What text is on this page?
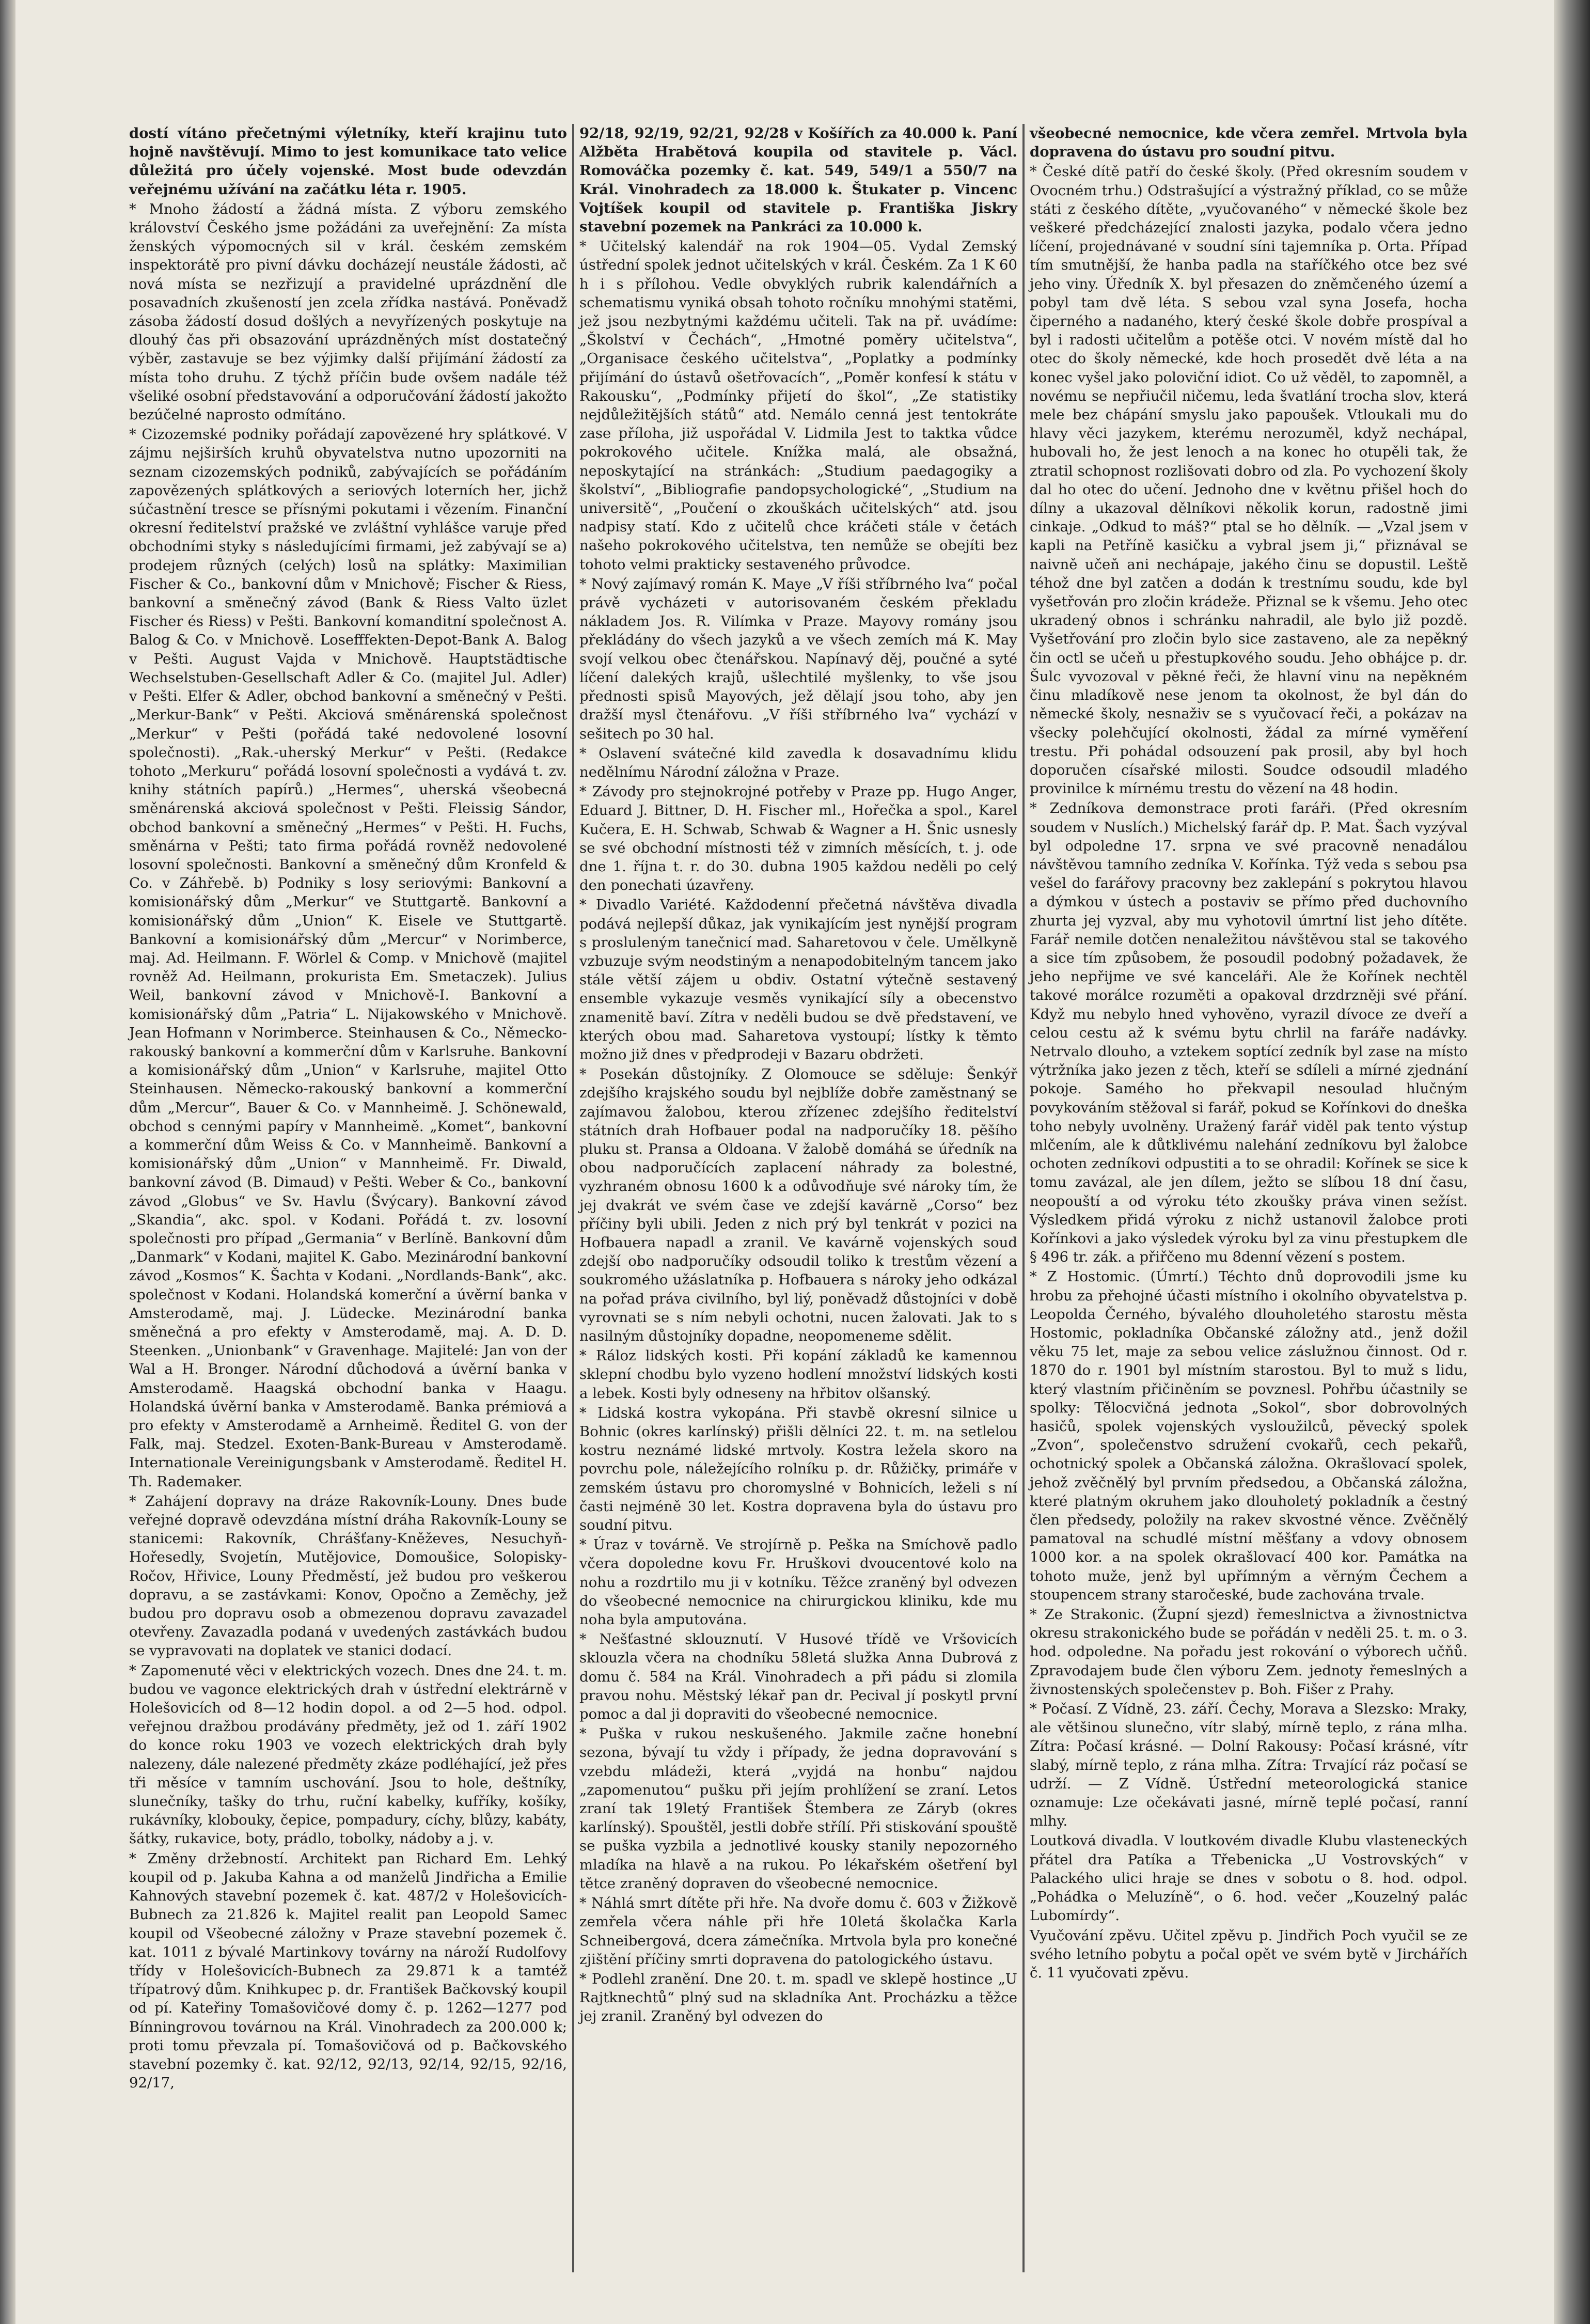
dostí vítáno přečetnými výletníky, kteří krajinu tuto hojně navštěvují. Mimo to jest komunikace tato velice důležitá pro účely vojenské. Most bude odevzdán veřejnému užívání na začátku léta r. 1905.

* Mnoho žádostí a žádná místa. Z výboru zemského království Českého jsme požádáni za uveřejnění: Za místa ženských výpomocných sil v král. českém zemském inspektorátě pro pivní dávku docházejí neustále žádosti, ač nová místa se nezřizují a pravidelné uprázdnění dle posavadních zkušeností jen zcela zřídka nastává. Poněvadž zásoba žádostí dosud došlých a nevyřízených poskytuje na dlouhý čas při obsazování uprázdněných míst dostatečný výběr, zastavuje se bez výjimky další přijímání žádostí za místa toho druhu. Z týchž příčin bude ovšem nadále též všeliké osobní představování a odporučování žádostí jakožto bezúčelné naprosto odmítáno.

* Cizozemské podniky pořádají zapovězené hry splátkové. V zájmu nejširších kruhů obyvatelstva nutno upozorniti na seznam cizozemských podniků, zabývajících se pořádáním zapovězených splátkových a seriových loterních her, jichž súčastnění tresce se přísnými pokutami i vězením. Finanční okresní ředitelství pražské ve zvláštní vyhlášce varuje před obchodními styky s následujícími firmami, jež zabývají se a) prodejem různých (celých) losů na splátky: Maximilian Fischer & Co., bankovní dům v Mnichově; Fischer & Riess, bankovní a směnečný závod (Bank & Riess Valto üzlet Fischer és Riess) v Pešti. Bankovní komanditní společnost A. Balog & Co. v Mnichově. Losefffekten-Depot-Bank A. Balog v Pešti. August Vajda v Mnichově. Hauptstädtische Wechselstuben-Gesellschaft Adler & Co. (majitel Jul. Adler) v Pešti. Elfer & Adler, obchod bankovní a směnečný v Pešti. „Merkur-Bank“ v Pešti. Akciová směnárenská společnost „Merkur“ v Pešti (pořádá také nedovolené losovní společnosti). „Rak.-uherský Merkur“ v Pešti. (Redakce tohoto „Merkuru“ pořádá losovní společnosti a vydává t. zv. knihy státních papírů.) „Hermes“, uherská všeobecná směnárenská akciová společnost v Pešti. Fleissig Sándor, obchod bankovní a směnečný „Hermes“ v Pešti. H. Fuchs, směnárna v Pešti; tato firma pořádá rovněž nedovolené losovní společnosti. Bankovní a směnečný dům Kronfeld & Co. v Záhřebě. b) Podniky s losy seriovými: Bankovní a komisionářský dům „Merkur“ ve Stuttgartě. Bankovní a komisionářský dům „Union“ K. Eisele ve Stuttgartě. Bankovní a komisionářský dům „Mercur“ v Norimberce, maj. Ad. Heilmann. F. Wörlel & Comp. v Mnichově (majitel rovněž Ad. Heilmann, prokurista Em. Smetaczek). Julius Weil, bankovní závod v Mnichově-I. Bankovní a komisionářský dům „Patria“ L. Nijakowského v Mnichově. Jean Hofmann v Norimberce. Steinhausen & Co., Německo-rakouský bankovní a kommerční dům v Karlsruhe. Bankovní a komisionářský dům „Union“ v Karlsruhe, majitel Otto Steinhausen. Německo-rakouský bankovní a kommerční dům „Mercur“, Bauer & Co. v Mannheimě. J. Schönewald, obchod s cennými papíry v Mannheimě. „Komet“, bankovní a kommerční dům Weiss & Co. v Mannheimě. Bankovní a komisionářský dům „Union“ v Mannheimě. Fr. Diwald, bankovní závod (B. Dimaud) v Pešti. Weber & Co., bankovní závod „Globus“ ve Sv. Havlu (Švýcary). Bankovní závod „Skandia“, akc. spol. v Kodani. Pořádá t. zv. losovní společnosti pro případ „Germania“ v Berlíně. Bankovní dům „Danmark“ v Kodani, majitel K. Gabo. Mezinárodní bankovní závod „Kosmos“ K. Šachta v Kodani. „Nordlands-Bank“, akc. společnost v Kodani. Holandská komerční a úvěrní banka v Amsterodamě, maj. J. Lüdecke. Mezinárodní banka směnečná a pro efekty v Amsterodamě, maj. A. D. D. Steenken. „Unionbank“ v Gravenhage. Majitelé: Jan von der Wal a H. Bronger. Národní důchodová a úvěrní banka v Amsterodamě. Haagská obchodní banka v Haagu. Holandská úvěrní banka v Amsterodamě. Banka prémiová a pro efekty v Amsterodamě a Arnheimě. Ředitel G. von der Falk, maj. Stedzel. Exoten-Bank-Bureau v Amsterodamě. Internationale Vereinigungsbank v Amsterodamě. Ředitel H. Th. Rademaker.

* Zahájení dopravy na dráze Rakovník-Louny. Dnes bude veřejné dopravě odevzdána místní dráha Rakovník-Louny se stanicemi: Rakovník, Chrášťany-Kněževes, Nesuchyň-Hořesedly, Svojetín, Mutějovice, Domoušice, Solopisky-Ročov, Hřivice, Louny Předměstí, jež budou pro veškerou dopravu, a se zastávkami: Konov, Opočno a Zeměchy, jež budou pro dopravu osob a obmezenou dopravu zavazadel otevřeny. Zavazadla podaná v uvedených zastávkách budou se vypravovati na doplatek ve stanici dodací.

* Zapomenuté věci v elektrických vozech. Dnes dne 24. t. m. budou ve vagonce elektrických drah v ústřední elektrárně v Holešovicích od 8—12 hodin dopol. a od 2—5 hod. odpol. veřejnou dražbou prodávány předměty, jež od 1. září 1902 do konce roku 1903 ve vozech elektrických drah byly nalezeny, dále nalezené předměty zkáze podléhající, jež přes tři měsíce v tamním uschování. Jsou to hole, deštníky, slunečníky, tašky do trhu, ruční kabelky, kufříky, košíky, rukávníky, klobouky, čepice, pompadury, cíchy, blůzy, kabáty, šátky, rukavice, boty, prádlo, tobolky, nádoby a j. v.

* Změny držebností. Architekt pan Richard Em. Lehký koupil od p. Jakuba Kahna a od manželů Jindřicha a Emilie Kahnových stavební pozemek č. kat. 487/2 v Holešovicích-Bubnech za 21.826 k. Majitel realit pan Leopold Samec koupil od Všeobecné záložny v Praze stavební pozemek č. kat. 1011 z bývalé Martinkovy továrny na nároží Rudolfovy třídy v Holešovicích-Bubnech za 29.871 k a tamtéž třípatrový dům. Knihkupec p. dr. František Bačkovský koupil od pí. Kateřiny Tomašovičové domy č. p. 1262—1277 pod Bínningrovou továrnou na Král. Vinohradech za 200.000 k; proti tomu převzala pí. Tomašovičová od p. Bačkovského stavební pozemky č. kat. 92/12, 92/13, 92/14, 92/15, 92/16, 92/17,

92/18, 92/19, 92/21, 92/28 v Košířích za 40.000 k. Paní Alžběta Hrabětová koupila od stavitele p. Václ. Romováčka pozemky č. kat. 549, 549/1 a 550/7 na Král. Vinohradech za 18.000 k. Štukater p. Vincenc Vojtíšek koupil od stavitele p. Františka Jiskry stavební pozemek na Pankráci za 10.000 k.

* Učitelský kalendář na rok 1904—05. Vydal Zemský ústřední spolek jednot učitelských v král. Českém. Za 1 K 60 h i s přílohou. Vedle obvyklých rubrik kalendářních a schematismu vyniká obsah tohoto ročníku mnohými statěmi, jež jsou nezbytnými každému učiteli. Tak na př. uvádíme: „Školství v Čechách“, „Hmotné poměry učitelstva“, „Organisace českého učitelstva“, „Poplatky a podmínky přijímání do ústavů ošetřovacích“, „Poměr konfesí k státu v Rakousku“, „Podmínky přijetí do škol“, „Ze statistiky nejdůležitějších států“ atd. Nemálo cenná jest tentokráte zase příloha, již uspořádal V. Lidmila Jest to taktka vůdce pokrokového učitele. Knížka malá, ale obsažná, neposkytající na stránkách: „Studium paedagogiky a školství“, „Bibliografie pandopsychologické“, „Studium na universitě“, „Poučení o zkouškách učitelských“ atd. jsou nadpisy statí. Kdo z učitelů chce kráčeti stále v četách našeho pokrokového učitelstva, ten nemůže se obejíti bez tohoto velmi prakticky sestaveného průvodce.

* Nový zajímavý román K. Maye „V říši stříbrného lva“ počal právě vycházeti v autorisovaném českém překladu nákladem Jos. R. Vilímka v Praze. Mayovy romány jsou překládány do všech jazyků a ve všech zemích má K. May svojí velkou obec čtenářskou. Napínavý děj, poučné a syté líčení dalekých krajů, ušlechtilé myšlenky, to vše jsou přednosti spisů Mayových, jež dělají jsou toho, aby jen dražší mysl čtenářovu. „V říši stříbrného lva“ vychází v sešitech po 30 hal.

* Oslavení svátečné kild zavedla k dosavadnímu klidu nedělnímu Národní záložna v Praze.

* Závody pro stejnokrojné potřeby v Praze pp. Hugo Anger, Eduard J. Bittner, D. H. Fischer ml., Hořečka a spol., Karel Kučera, E. H. Schwab, Schwab & Wagner a H. Šnic usnesly se své obchodní místnosti též v zimních měsících, t. j. ode dne 1. října t. r. do 30. dubna 1905 každou neděli po celý den ponechati úzavřeny.

* Divadlo Variété. Každodenní přečetná návštěva divadla podává nejlepší důkaz, jak vynikajícím jest nynější program s prosluleným tanečnicí mad. Saharetovou v čele. Umělkyně vzbuzuje svým neodstiným a nenapodobitelným tancem jako stále větší zájem u obdiv. Ostatní výtečně sestavený ensemble vykazuje vesměs vynikající síly a obecenstvo znamenitě baví. Zítra v neděli budou se dvě představení, ve kterých obou mad. Saharetova vystoupí; lístky k těmto možno již dnes v předprodeji v Bazaru obdržeti.

* Posekán důstojníky. Z Olomouce se sděluje: Šenkýř zdejšího krajského soudu byl nejblíže dobře zaměstnaný se zajímavou žalobou, kterou zřízenec zdejšího ředitelství státních drah Hofbauer podal na nadporučíky 18. pěšího pluku st. Pransa a Oldoana. V žalobě domáhá se úředník na obou nadporučících zaplacení náhrady za bolestné, vyzhraném obnosu 1600 k a odůvodňuje své nároky tím, že jej dvakrát ve svém čase ve zdejší kavárně „Corso“ bez příčiny byli ubili. Jeden z nich prý byl tenkrát v pozici na Hofbauera napadl a zranil. Ve kavárně vojenských soud zdejší obo nadporučíky odsoudil toliko k trestům vězení a soukromého užáslatníka p. Hofbauera s nároky jeho odkázal na pořad práva civilního, byl liý, poněvadž důstojníci v době vyrovnati se s ním nebyli ochotni, nucen žalovati. Jak to s nasilným důstojníky dopadne, neopomeneme sdělit.

* Ráloz lidských kosti. Při kopání základů ke kamennou sklepní chodbu bylo vyzeno hodlení množství lidských kosti a lebek. Kosti byly odneseny na hřbitov olšanský.

* Lidská kostra vykopána. Při stavbě okresní silnice u Bohnic (okres karlínský) přišli dělníci 22. t. m. na setlelou kostru neznámé lidské mrtvoly. Kostra ležela skoro na povrchu pole, náležejícího rolníku p. dr. Růžičky, primáře v zemském ústavu pro choromyslné v Bohnicích, leželi s ní časti nejméně 30 let. Kostra dopravena byla do ústavu pro soudní pitvu.

* Úraz v továrně. Ve strojírně p. Peška na Smíchově padlo včera dopoledne kovu Fr. Hruškovi dvoucentové kolo na nohu a rozdrtilo mu ji v kotníku. Těžce zraněný byl odvezen do všeobecné nemocnice na chirurgickou kliniku, kde mu noha byla amputována.

* Nešťastné sklouznutí. V Husové třídě ve Vršovicích sklouzla včera na chodníku 58letá služka Anna Dubrová z domu č. 584 na Král. Vinohradech a při pádu si zlomila pravou nohu. Městský lékař pan dr. Pecival jí poskytl první pomoc a dal ji dopraviti do všeobecné nemocnice.

* Puška v rukou neskušeného. Jakmile začne honební sezona, bývají tu vždy i případy, že jedna dopravování s vzebdu mládeži, která „vyjdá na honbu“ najdou „zapomenutou“ pušku při jejím prohlížení se zraní. Letos zraní tak 19letý František Štembera ze Záryb (okres karlínský). Spouštěl, jestli dobře střílí. Při stiskování spouště se puška vyzbila a jednotlivé kousky stanily nepozorného mladíka na hlavě a na rukou. Po lékařském ošetření byl tětce zraněný dopraven do všeobecné nemocnice.

* Náhlá smrt dítěte při hře. Na dvoře domu č. 603 v Žižkově zemřela včera náhle při hře 10letá školačka Karla Schneibergová, dcera zámečníka. Mrtvola byla pro konečné zjištění příčiny smrti dopravena do patologického ústavu.

* Podlehl zranění. Dne 20. t. m. spadl ve sklepě hostince „U Rajtknechtů“ plný sud na skladníka Ant. Procházku a těžce jej zranil. Zraněný byl odvezen do

všeobecné nemocnice, kde včera zemřel. Mrtvola byla dopravena do ústavu pro soudní pitvu.

* České dítě patří do české školy. (Před okresním soudem v Ovocném trhu.) Odstrašující a výstražný příklad, co se může státi z českého dítěte, „vyučovaného“ v německé škole bez veškeré předcházející znalosti jazyka, podalo včera jedno líčení, projednávané v soudní síni tajemníka p. Orta. Případ tím smutnější, že hanba padla na staříčkého otce bez své jeho viny. Úředník X. byl přesazen do zněmčeného území a pobyl tam dvě léta. S sebou vzal syna Josefa, hocha čiperného a nadaného, který české škole dobře prospíval a byl i radosti učitelům a potěše otci. V novém místě dal ho otec do školy německé, kde hoch prosedět dvě léta a na konec vyšel jako poloviční idiot. Co už věděl, to zapomněl, a novému se nepřiučil ničemu, leda švatlání trocha slov, která mele bez chápání smyslu jako papoušek. Vtloukali mu do hlavy věci jazykem, kterému nerozuměl, když nechápal, hubovali ho, že jest lenoch a na konec ho otupěli tak, že ztratil schopnost rozlišovati dobro od zla. Po vychození školy dal ho otec do učení. Jednoho dne v květnu přišel hoch do dílny a ukazoval dělníkovi několik korun, radostně jimi cinkaje. „Odkud to máš?“ ptal se ho dělník. — „Vzal jsem v kapli na Petříně kasičku a vybral jsem ji,“ přiznával se naivně učeň ani nechápaje, jakého činu se dopustil. Leště téhož dne byl zatčen a dodán k trestnímu soudu, kde byl vyšetřován pro zločin krádeže. Přiznal se k všemu. Jeho otec ukradený obnos i schránku nahradil, ale bylo již pozdě. Vyšetřování pro zločin bylo sice zastaveno, ale za nepěkný čin octl se učeň u přestupkového soudu. Jeho obhájce p. dr. Šulc vyvozoval v pěkné řeči, že hlavní vinu na nepěkném činu mladíkově nese jenom ta okolnost, že byl dán do německé školy, nesnaživ se s vyučovací řeči, a pokázav na všecky polehčující okolnosti, žádal za mírné vyměření trestu. Při pohádal odsouzení pak prosil, aby byl hoch doporučen císařské milosti. Soudce odsoudil mladého provinilce k mírnému trestu do vězení na 48 hodin.

* Zedníkova demonstrace proti faráři. (Před okresním soudem v Nuslích.) Michelský farář dp. P. Mat. Šach vyzýval byl odpoledne 17. srpna ve své pracovně nenadálou návštěvou tamního zedníka V. Kořínka. Týž veda s sebou psa vešel do farářovy pracovny bez zaklepání s pokrytou hlavou a dýmkou v ústech a postaviv se přímo před duchovního zhurta jej vyzval, aby mu vyhotovil úmrtní list jeho dítěte. Farář nemile dotčen nenaležitou návštěvou stal se takového a sice tím způsobem, že posoudil podobný požadavek, že jeho nepřijme ve své kanceláři. Ale že Kořínek nechtěl takové morálce rozuměti a opakoval drzdrzněji své přání. Když mu nebylo hned vyhověno, vyrazil dívoce ze dveří a celou cestu až k svému bytu chrlil na faráře nadávky. Netrvalo dlouho, a vztekem soptící zedník byl zase na místo výtržníka jako jezen z těch, kteří se sdíleli a mírné zjednání pokoje. Samého ho překvapil nesoulad hlučným povykováním stěžoval si farář, pokud se Kořínkovi do dneška toho nebyly uvolněny. Uražený farář viděl pak tento výstup mlčením, ale k důtklivému nalehání zedníkovu byl žalobce ochoten zedníkovi odpustiti a to se ohradil: Kořínek se sice k tomu zavázal, ale jen dílem, ježto se slíbou 18 dní času, neopouští a od výroku této zkoušky práva vinen sežíst. Výsledkem přidá výroku z nichž ustanovil žalobce proti Kořínkovi a jako výsledek výroku byl za vinu přestupkem dle § 496 tr. zák. a přiřčeno mu 8denní vězení s postem.

* Z Hostomic. (Úmrtí.) Téchto dnů doprovodili jsme ku hrobu za přehojné účasti místního i okolního obyvatelstva p. Leopolda Černého, bývalého dlouholetého starostu města Hostomic, pokladníka Občanské záložny atd., jenž dožil věku 75 let, maje za sebou velice záslužnou činnost. Od r. 1870 do r. 1901 byl místním starostou. Byl to muž s lidu, který vlastním přičiněním se povznesl. Pohřbu účastnily se spolky: Tělocvičná jednota „Sokol“, sbor dobrovolných hasičů, spolek vojenských vysloužilců, pěvecký spolek „Zvon“, společenstvo sdružení cvokařů, cech pekařů, ochotnický spolek a Občanská záložna. Okrašlovací spolek, jehož zvěčnělý byl prvním předsedou, a Občanská záložna, které platným okruhem jako dlouholetý pokladník a čestný člen předsedy, položily na rakev skvostné věnce. Zvěčnělý pamatoval na schudlé místní měšťany a vdovy obnosem 1000 kor. a na spolek okrašlovací 400 kor. Památka na tohoto muže, jenž byl upřímným a věrným Čechem a stoupencem strany staročeské, bude zachována trvale.

* Ze Strakonic. (Župní sjezd) řemeslnictva a živnostnictva okresu strakonického bude se pořádán v neděli 25. t. m. o 3. hod. odpoledne. Na pořadu jest rokování o výborech učňů. Zpravodajem bude člen výboru Zem. jednoty řemeslných a živnostenských společenstev p. Boh. Fišer z Prahy.

* Počasí. Z Vídně, 23. září. Čechy, Morava a Slezsko: Mraky, ale většinou slunečno, vítr slabý, mírně teplo, z rána mlha. Zítra: Počasí krásné. — Dolní Rakousy: Počasí krásné, vítr slabý, mírně teplo, z rána mlha. Zítra: Trvající ráz počasí se udrží. — Z Vídně. Ústřední meteorologická stanice oznamuje: Lze očekávati jasné, mírně teplé počasí, ranní mlhy.

Loutková divadla. V loutkovém divadle Klubu vlasteneckých přátel dra Patíka a Třebenicka „U Vostrovských“ v Palackého ulici hraje se dnes v sobotu o 8. hod. odpol. „Pohádka o Meluzíně“, o 6. hod. večer „Kouzelný palác Lubomírdy“.

Vyučování zpěvu. Učitel zpěvu p. Jindřich Poch vyučil se ze svého letního pobytu a počal opět ve svém bytě v Jirchářích č. 11 vyučovati zpěvu.
